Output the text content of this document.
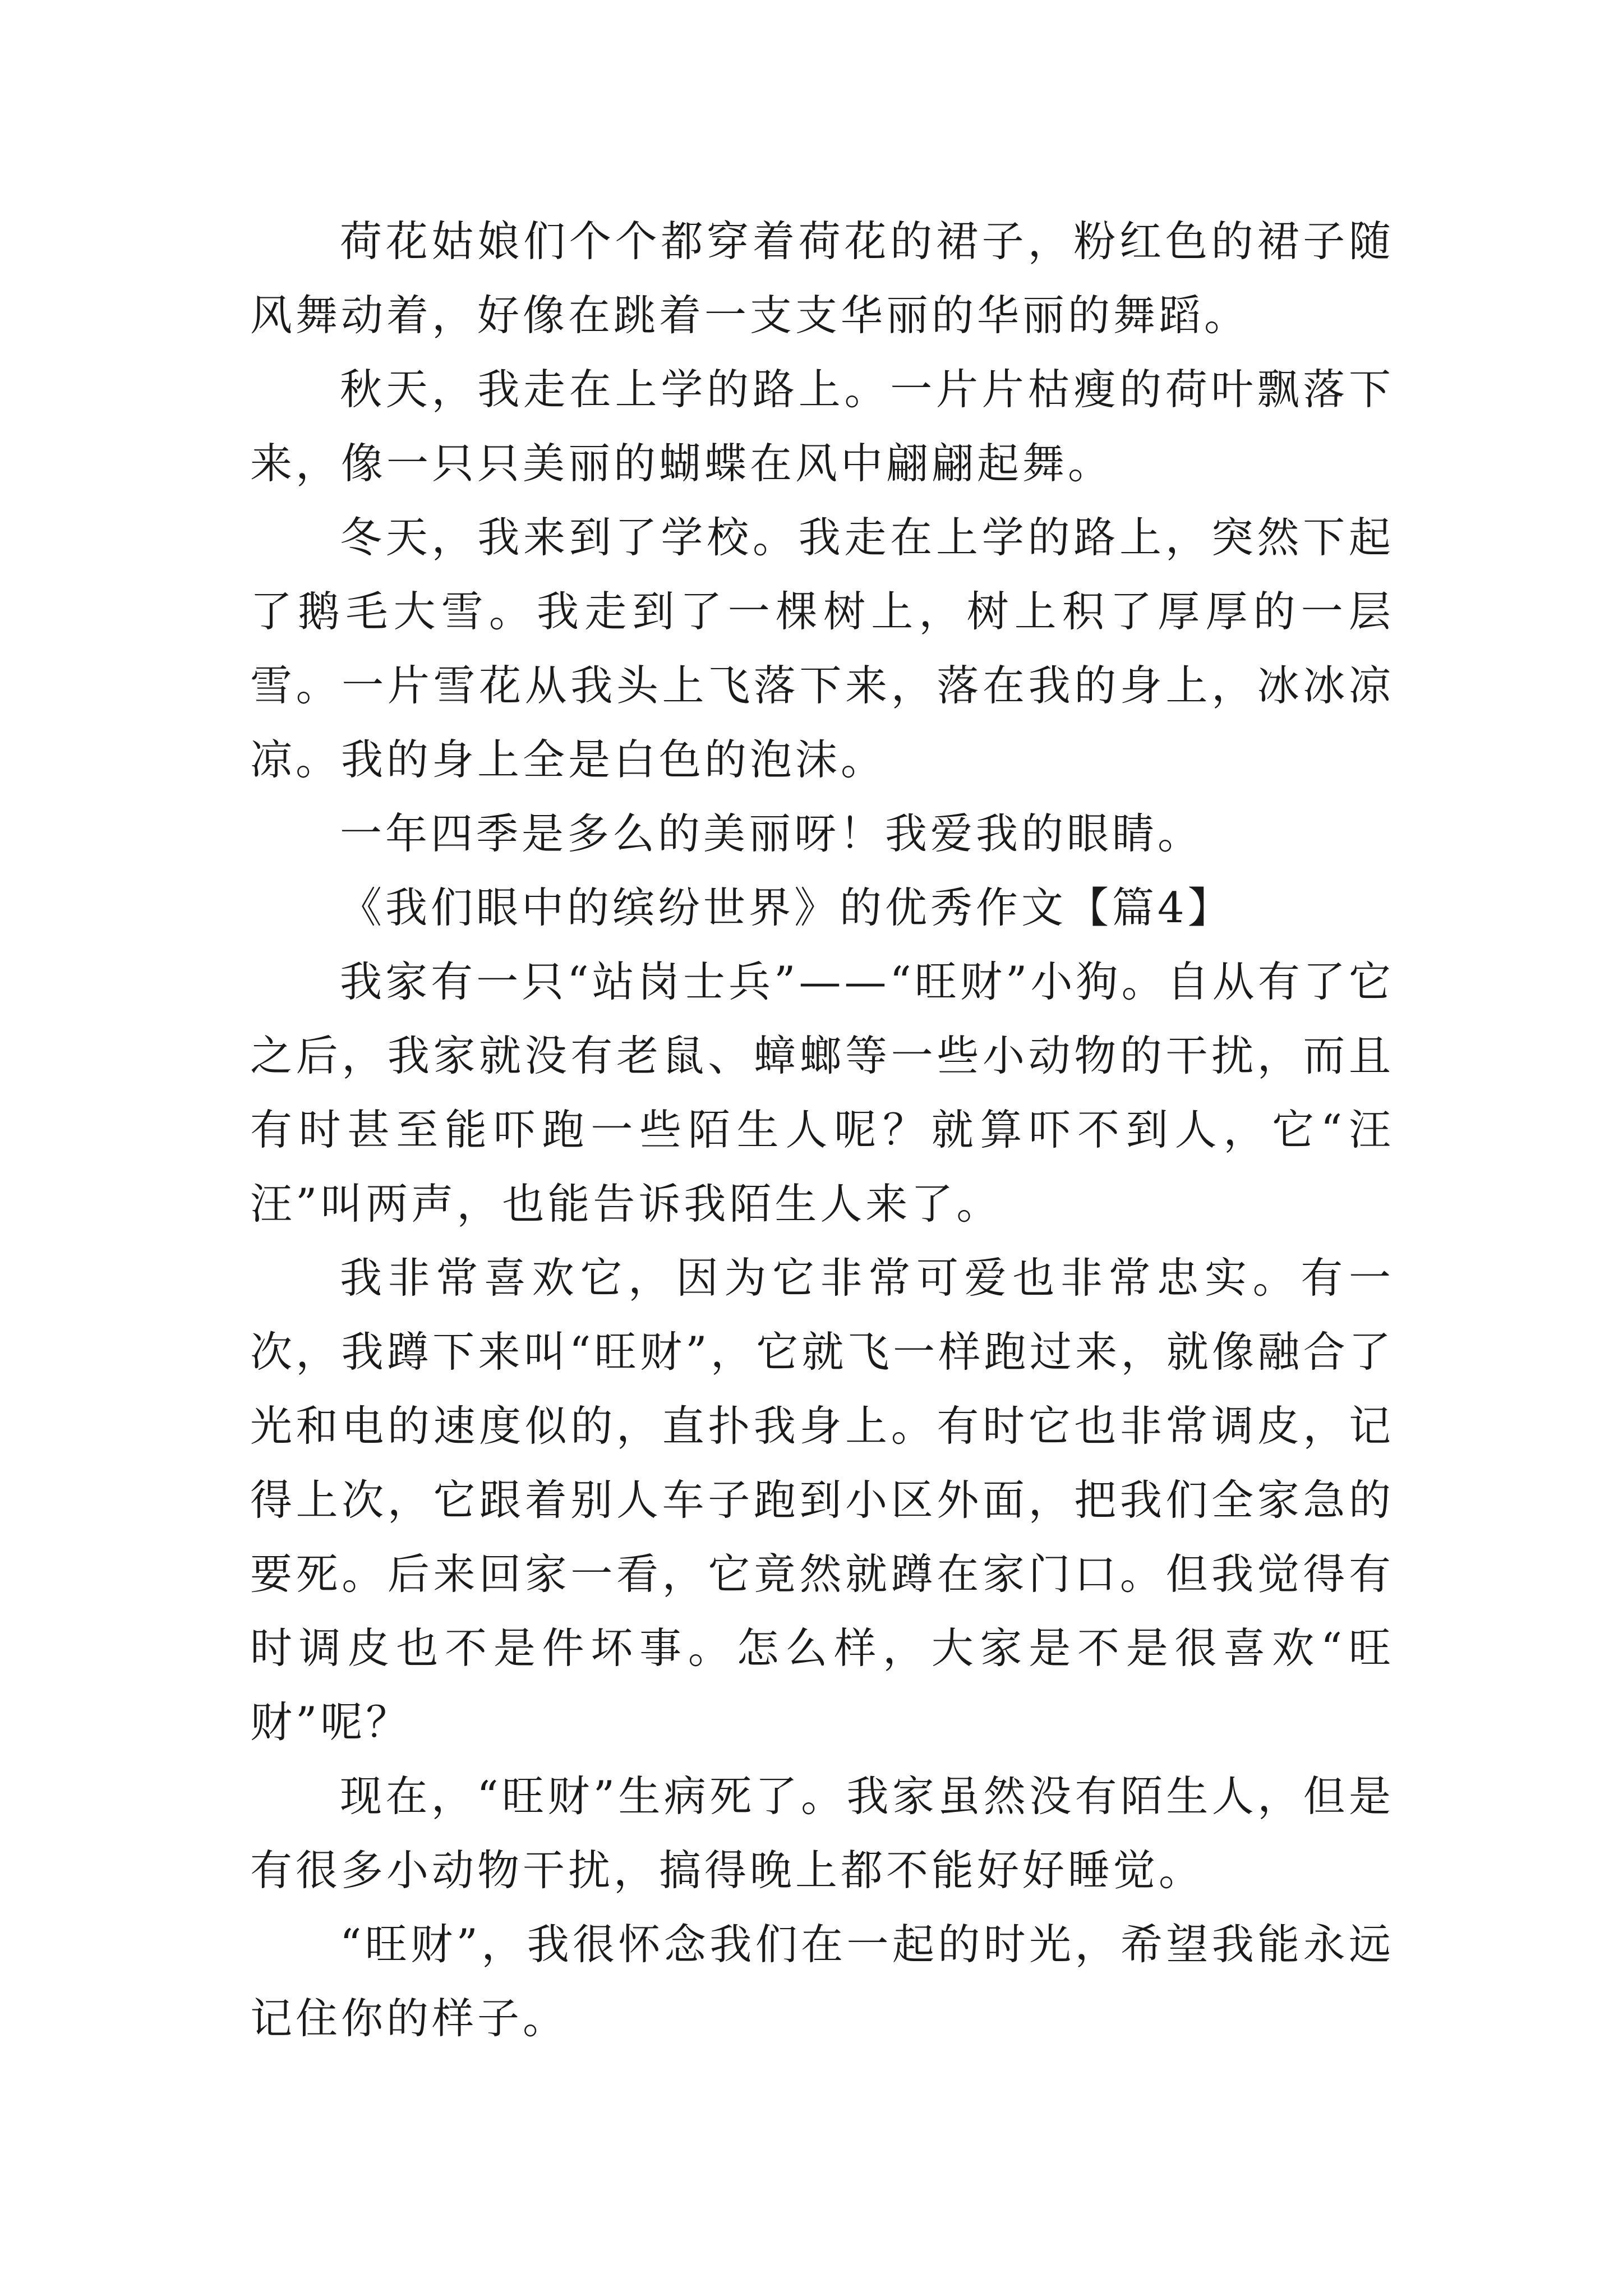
荷花姑娘们个个都穿着荷花的裙子，粉红色的裙子随风舞动着，好像在跳着一支支华丽的华丽的舞蹈。

秋天，我走在上学的路上。一片片枯瘦的荷叶飘落下来，像一只只美丽的蝴蝶在风中翩翩起舞。

冬天，我来到了学校。我走在上学的路上，突然下起了鹅毛大雪。我走到了一棵树上，树上积了厚厚的一层雪。一片雪花从我头上飞落下来，落在我的身上，冰冰凉凉。我的身上全是白色的泡沫。

一年四季是多么的美丽呀！我爱我的眼睛。

《我们眼中的缤纷世界》的优秀作文【篇4】

我家有一只“站岗士兵”——“旺财”小狗。自从有了它之后，我家就没有老鼠、蟑螂等一些小动物的干扰，而且有时甚至能吓跑一些陌生人呢？就算吓不到人，它“汪汪”叫两声，也能告诉我陌生人来了。

我非常喜欢它，因为它非常可爱也非常忠实。有一次，我蹲下来叫“旺财”，它就飞一样跑过来，就像融合了光和电的速度似的，直扑我身上。有时它也非常调皮，记得上次，它跟着别人车子跑到小区外面，把我们全家急的要死。后来回家一看，它竟然就蹲在家门口。但我觉得有时调皮也不是件坏事。怎么样，大家是不是很喜欢“旺财”呢？

现在，“旺财”生病死了。我家虽然没有陌生人，但是有很多小动物干扰，搞得晚上都不能好好睡觉。

“旺财”，我很怀念我们在一起的时光，希望我能永远记住你的样子。
